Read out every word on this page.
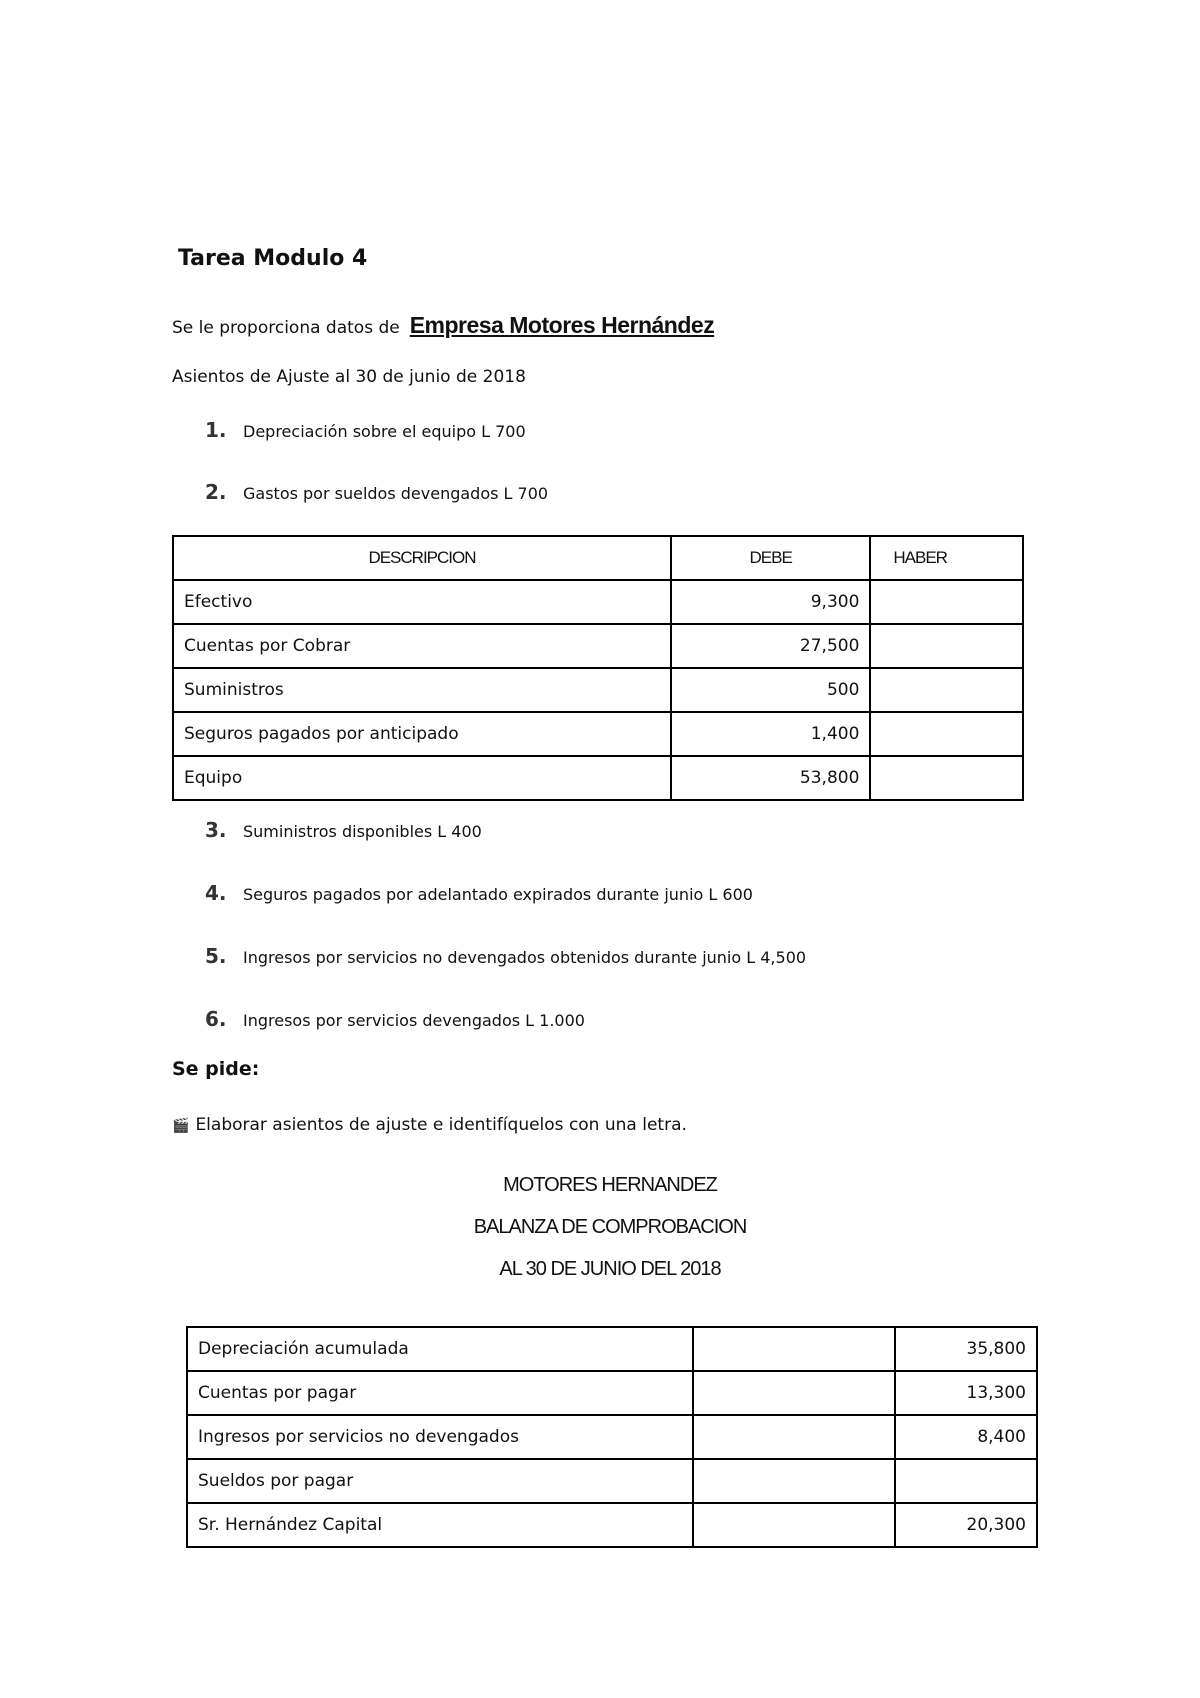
Tarea Modulo 4
Se le proporciona datos de Empresa Motores Hernández
Asientos de Ajuste al 30 de junio de 2018
1.	Depreciación sobre el equipo L 700
2.	Gastos por sueldos devengados L 700
DESCRIPCION	DEBE	HABER
Efectivo	9,300	
Cuentas por Cobrar	27,500	
Suministros	500	
Seguros pagados por anticipado	1,400	
Equipo	53,800	
3.	Suministros disponibles L 400
4.	Seguros pagados por adelantado expirados durante junio L 600
5.	Ingresos por servicios no devengados obtenidos durante junio L 4,500
6.	Ingresos por servicios devengados L 1.000
Se pide:
🎬 Elaborar asientos de ajuste e identifíquelos con una letra.
MOTORES HERNANDEZ
BALANZA DE COMPROBACION
AL 30 DE JUNIO DEL 2018
Depreciación acumulada		35,800
Cuentas por pagar		13,300
Ingresos por servicios no devengados		8,400
Sueldos por pagar		
Sr. Hernández Capital		20,300
